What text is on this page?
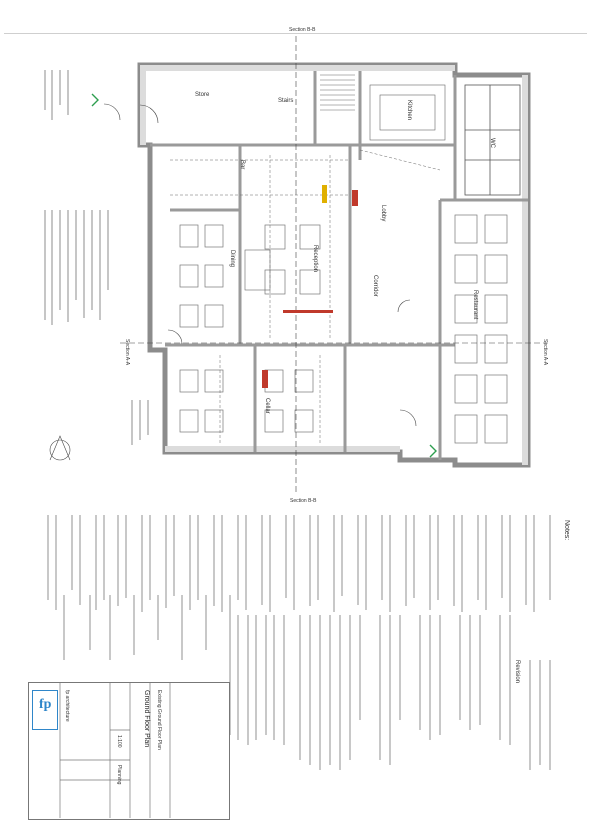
Section B-B
Section B-B
Section A-A
Section A-A
Store
Stairs
Lobby
Restaurant
Dining	Reception
Corridor
Bar
Kitchen
WC
Cellar
Notes:
Revision
fp	fp architecture	Ground Floor Plan Existing Ground Floor Plan
1:100
Planning
